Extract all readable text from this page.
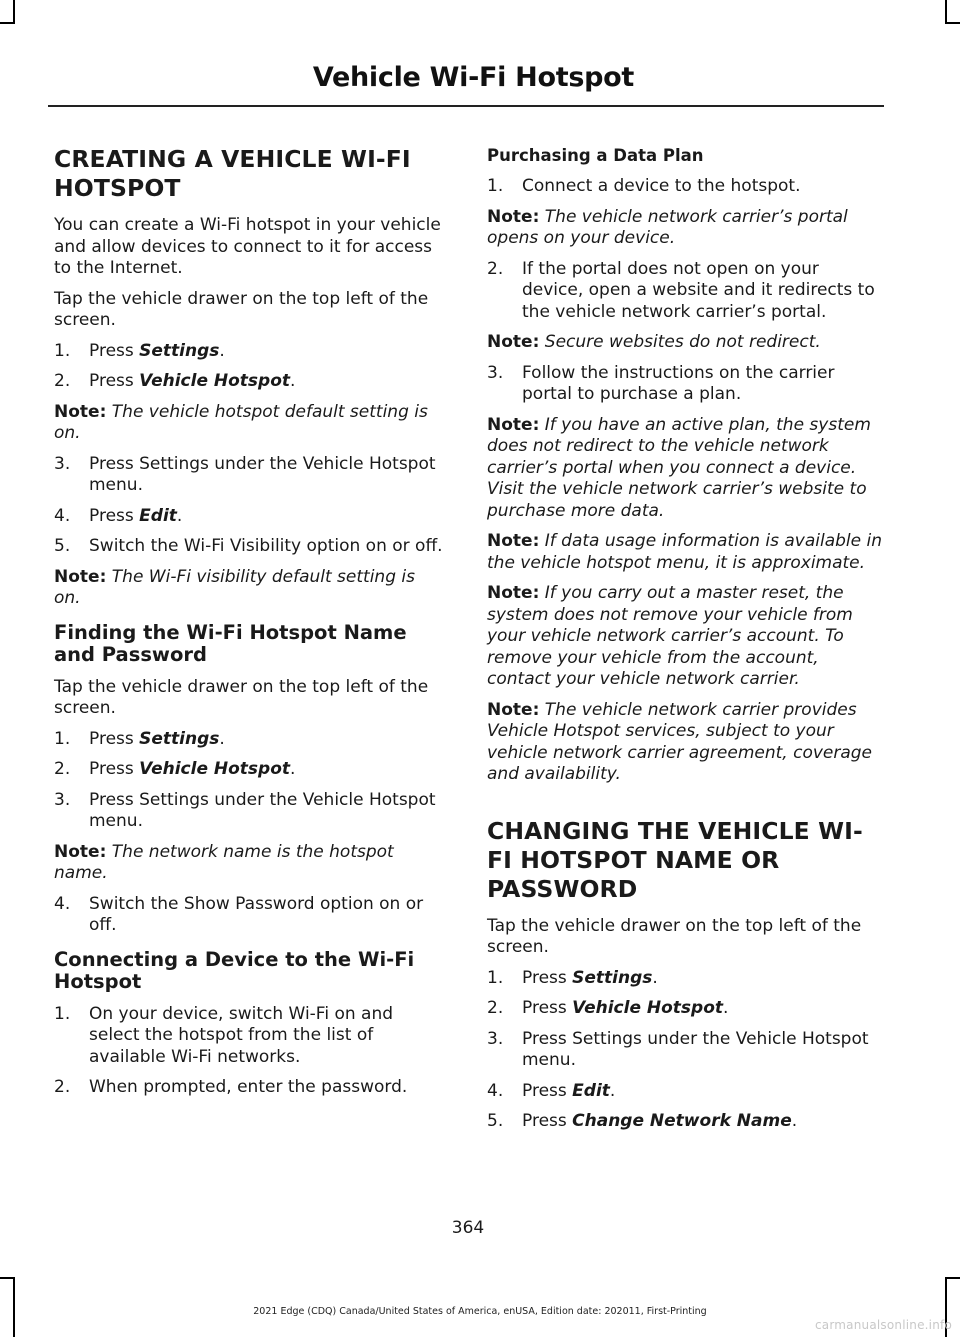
Vehicle Wi-Fi Hotspot
CREATING A VEHICLE WI-FI
HOTSPOT

You can create a Wi-Fi hotspot in your vehicle and allow devices to connect to it for access to the Internet.

Tap the vehicle drawer on the top left of the screen.

1. Press Settings.
2. Press Vehicle Hotspot.

Note: The vehicle hotspot default setting is on.

3. Press Settings under the Vehicle Hotspot menu.
4. Press Edit.
5. Switch the Wi-Fi Visibility option on or off.

Note: The Wi-Fi visibility default setting is on.

Finding the Wi-Fi Hotspot Name and Password

Tap the vehicle drawer on the top left of the screen.

1. Press Settings.
2. Press Vehicle Hotspot.
3. Press Settings under the Vehicle Hotspot menu.

Note: The network name is the hotspot name.

4. Switch the Show Password option on or off.
Connecting a Device to the Wi-Fi Hotspot
1. On your device, switch Wi-Fi on and select the hotspot from the list of available Wi-Fi networks.
2. When prompted, enter the password.
Purchasing a Data Plan
1. Connect a device to the hotspot.

Note: The vehicle network carrier’s portal opens on your device.

2. If the portal does not open on your device, open a website and it redirects to the vehicle network carrier’s portal.

Note: Secure websites do not redirect.

3. Follow the instructions on the carrier portal to purchase a plan.

Note: If you have an active plan, the system does not redirect to the vehicle network carrier’s portal when you connect a device. Visit the vehicle network carrier’s website to purchase more data.

Note: If data usage information is available in the vehicle hotspot menu, it is approximate.

Note: If you carry out a master reset, the system does not remove your vehicle from your vehicle network carrier’s account. To remove your vehicle from the account, contact your vehicle network carrier.

Note: The vehicle network carrier provides Vehicle Hotspot services, subject to your vehicle network carrier agreement, coverage and availability.

CHANGING THE VEHICLE WI-
FI HOTSPOT NAME OR
PASSWORD

Tap the vehicle drawer on the top left of the screen.

1. Press Settings.
2. Press Vehicle Hotspot.
3. Press Settings under the Vehicle Hotspot menu.
4. Press Edit.
5. Press Change Network Name.
364
2021 Edge (CDQ) Canada/United States of America, enUSA, Edition date: 202011, First-Printing
carmanualsonline.info
